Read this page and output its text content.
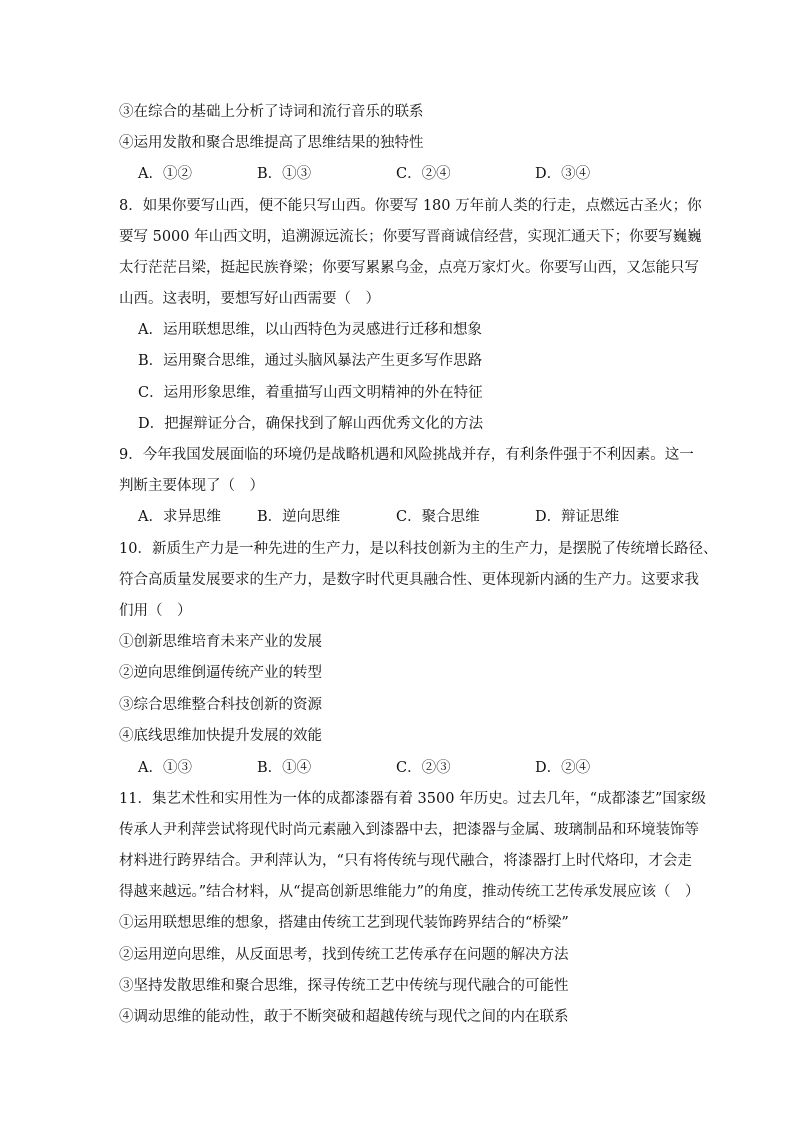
③在综合的基础上分析了诗词和流行音乐的联系
④运用发散和聚合思维提高了思维结果的独特性
A．①②	B．①③	C．②④	D．③④
8．如果你要写山西，便不能只写山西。你要写 180 万年前人类的行走，点燃远古圣火；你
要写 5000 年山西文明，追溯源远流长；你要写晋商诚信经营，实现汇通天下；你要写巍巍
太行茫茫吕梁，挺起民族脊梁；你要写累累乌金，点亮万家灯火。你要写山西，又怎能只写
山西。这表明，要想写好山西需要（　）
A．运用联想思维，以山西特色为灵感进行迁移和想象
B．运用聚合思维，通过头脑风暴法产生更多写作思路
C．运用形象思维，着重描写山西文明精神的外在特征
D．把握辩证分合，确保找到了解山西优秀文化的方法
9．今年我国发展面临的环境仍是战略机遇和风险挑战并存，有利条件强于不利因素。这一
判断主要体现了（　）
A．求异思维 B．逆向思维	C．聚合思维	D．辩证思维
10．新质生产力是一种先进的生产力，是以科技创新为主的生产力，是摆脱了传统增长路径、
符合高质量发展要求的生产力，是数字时代更具融合性、更体现新内涵的生产力。这要求我
们用（　）
①创新思维培育未来产业的发展
②逆向思维倒逼传统产业的转型
③综合思维整合科技创新的资源
④底线思维加快提升发展的效能
A．①③	B．①④	C．②③	D．②④
11．集艺术性和实用性为一体的成都漆器有着 3500 年历史。过去几年，“成都漆艺”国家级
传承人尹利萍尝试将现代时尚元素融入到漆器中去，把漆器与金属、玻璃制品和环境装饰等
材料进行跨界结合。尹利萍认为，“只有将传统与现代融合，将漆器打上时代烙印，才会走
得越来越远。”结合材料，从“提高创新思维能力”的角度，推动传统工艺传承发展应该（　）
①运用联想思维的想象，搭建由传统工艺到现代装饰跨界结合的“桥梁”
②运用逆向思维，从反面思考，找到传统工艺传承存在问题的解决方法
③坚持发散思维和聚合思维，探寻传统工艺中传统与现代融合的可能性
④调动思维的能动性，敢于不断突破和超越传统与现代之间的内在联系
